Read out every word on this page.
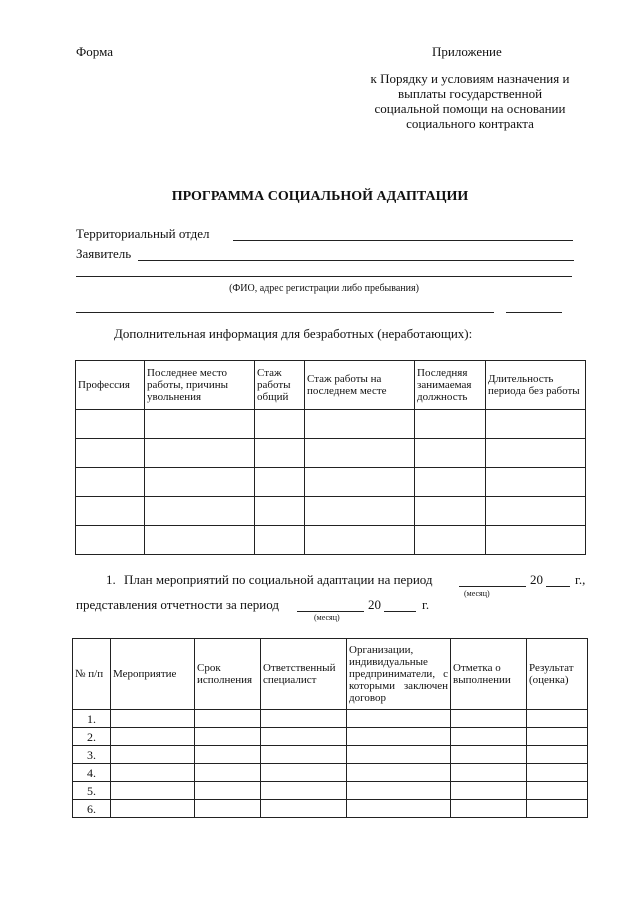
Форма	Приложение
к Порядку и условиям назначения и
выплаты государственной
социальной помощи на основании
социального контракта
ПРОГРАММА СОЦИАЛЬНОЙ АДАПТАЦИИ
Территориальный отдел
Заявитель
(ФИО, адрес регистрации либо пребывания)
Дополнительная информация для безработных (неработающих):
Профессия	Последнее место работы, причины увольнения	Стаж работы общий	Стаж работы на последнем месте	Последняя занимаемая должность	Длительность периода без работы

1. План мероприятий по социальной адаптации на период	20 г.,
(месяц)
представления отчетности за период	20	г.
(месяц)
№ п/п	Мероприятие	Срок исполнения	Ответственный специалист	Организации, индивидуальные предприниматели, с которыми заключен договор	Отметка о выполнении	Результат (оценка)
1.						
2.						
3.						
4.						
5.						
6.						
